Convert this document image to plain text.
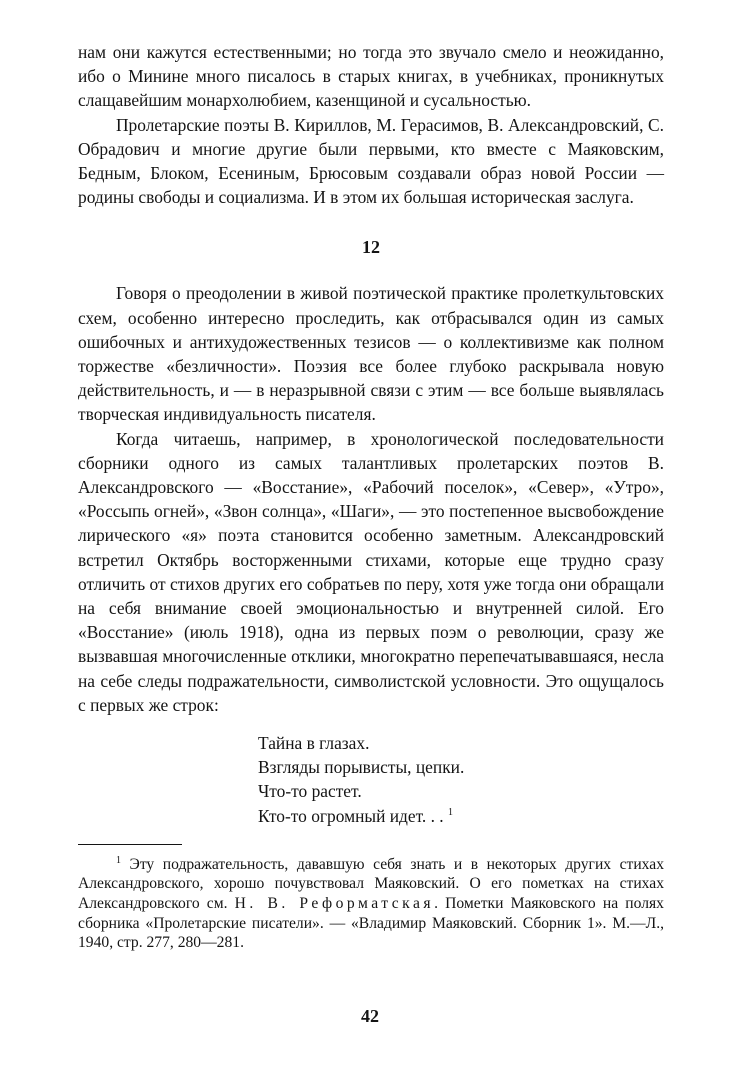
нам они кажутся естественными; но тогда это звучало смело и неожиданно, ибо о Минине много писалось в старых книгах, в учебниках, проникнутых слащавейшим монархолюбием, казенщиной и сусальностью.

Пролетарские поэты В. Кириллов, М. Герасимов, В. Александровский, С. Обрадович и многие другие были первыми, кто вместе с Маяковским, Бедным, Блоком, Есениным, Брюсовым создавали образ новой России — родины свободы и социализма. И в этом их большая историческая заслуга.

12

Говоря о преодолении в живой поэтической практике пролеткультовских схем, особенно интересно проследить, как отбрасывался один из самых ошибочных и антихудожественных тезисов — о коллективизме как полном торжестве «безличности». Поэзия все более глубоко раскрывала новую действительность, и — в неразрывной связи с этим — все больше выявлялась творческая индивидуальность писателя.

Когда читаешь, например, в хронологической последовательности сборники одного из самых талантливых пролетарских поэтов В. Александровского — «Восстание», «Рабочий поселок», «Север», «Утро», «Россыпь огней», «Звон солнца», «Шаги», — это постепенное высвобождение лирического «я» поэта становится особенно заметным. Александровский встретил Октябрь восторженными стихами, которые еще трудно сразу отличить от стихов других его собратьев по перу, хотя уже тогда они обращали на себя внимание своей эмоциональностью и внутренней силой. Его «Восстание» (июль 1918), одна из первых поэм о революции, сразу же вызвавшая многочисленные отклики, многократно перепечатывавшаяся, несла на себе следы подражательности, символистской условности. Это ощущалось с первых же строк:

Тайна в глазах.
Взгляды порывисты, цепки.
Что-то растет.
Кто-то огромный идет. . . $^1$

$^1$ Эту подражательность, дававшую себя знать и в некоторых других стихах Александровского, хорошо почувствовал Маяковский. О его пометках на стихах Александровского см. Н. В. Реформатская. Пометки Маяковского на полях сборника «Пролетарские писатели». — «Владимир Маяковский. Сборник 1». М.—Л., 1940, стр. 277, 280—281.

42
